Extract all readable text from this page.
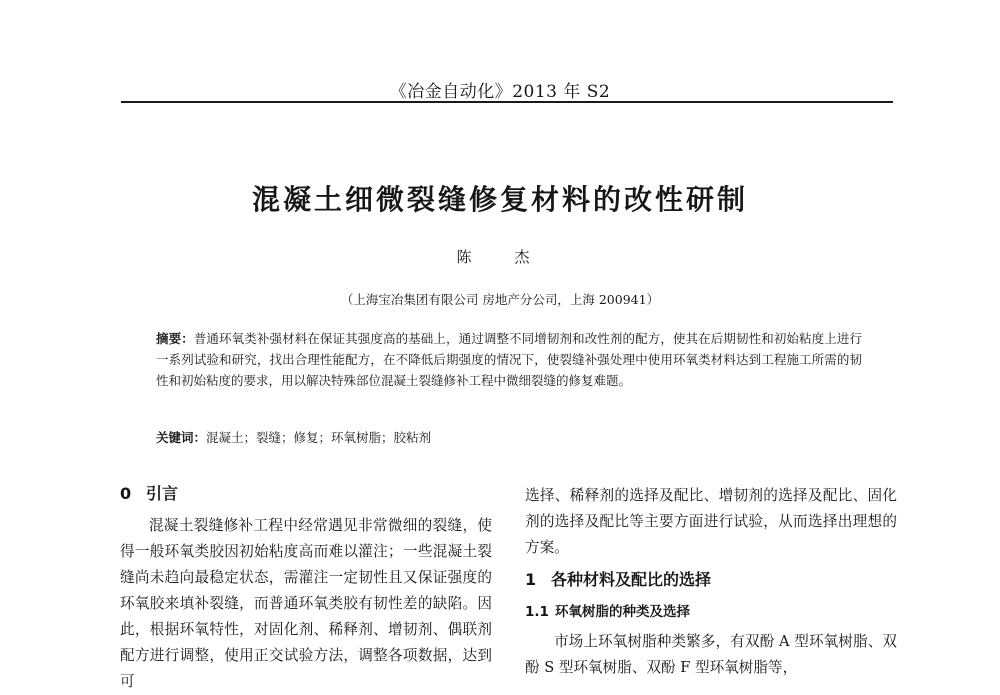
《冶金自动化》2013 年 S2
混凝土细微裂缝修复材料的改性研制
陈　杰
（上海宝冶集团有限公司 房地产分公司，上海 200941）
摘要：普通环氧类补强材料在保证其强度高的基础上，通过调整不同增韧剂和改性剂的配方，使其在后期韧性和初始粘度上进行一系列试验和研究，找出合理性能配方，在不降低后期强度的情况下，使裂缝补强处理中使用环氧类材料达到工程施工所需的韧性和初始粘度的要求，用以解决特殊部位混凝土裂缝修补工程中微细裂缝的修复难题。
关键词：混凝土；裂缝；修复；环氧树脂；胶粘剂
0 引言
混凝土裂缝修补工程中经常遇见非常微细的裂缝，使得一般环氧类胶因初始粘度高而难以灌注；一些混凝土裂缝尚未趋向最稳定状态，需灌注一定韧性且又保证强度的环氧胶来填补裂缝，而普通环氧类胶有韧性差的缺陷。因此，根据环氧特性，对固化剂、稀释剂、增韧剂、偶联剂配方进行调整，使用正交试验方法，调整各项数据，达到可
选择、稀释剂的选择及配比、增韧剂的选择及配比、固化剂的选择及配比等主要方面进行试验，从而选择出理想的方案。
1 各种材料及配比的选择
1.1 环氧树脂的种类及选择
市场上环氧树脂种类繁多，有双酚 A 型环氧树脂、双酚 S 型环氧树脂、双酚 F 型环氧树脂等，
